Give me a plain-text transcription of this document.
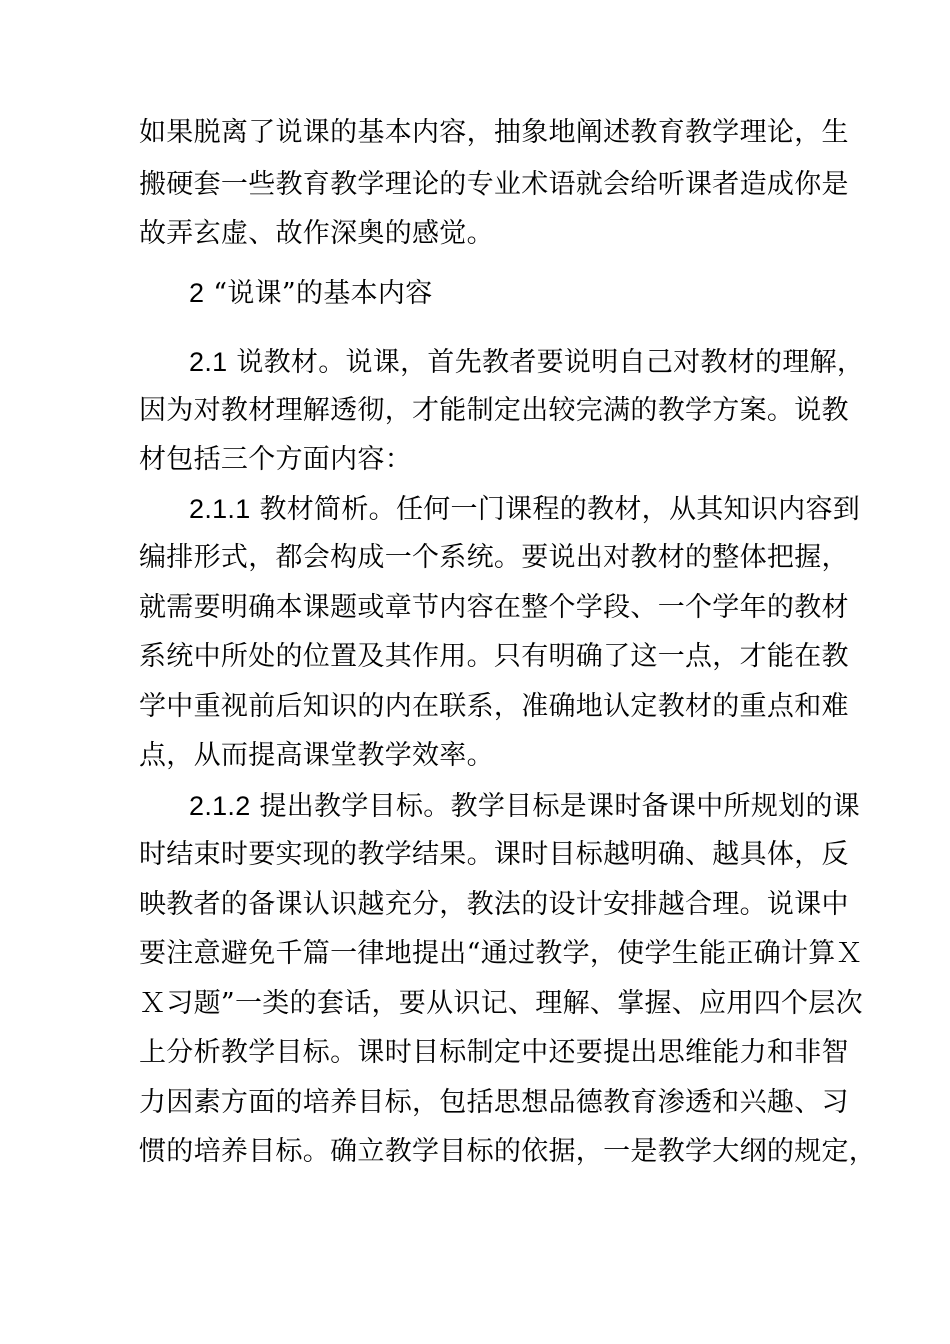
如果脱离了说课的基本内容，抽象地阐述教育教学理论，生
搬硬套一些教育教学理论的专业术语就会给听课者造成你是
故弄玄虚、故作深奥的感觉。
2 “说课”的基本内容
2.1 说教材。说课，首先教者要说明自己对教材的理解，
因为对教材理解透彻，才能制定出较完满的教学方案。说教
材包括三个方面内容：
2.1.1 教材简析。任何一门课程的教材，从其知识内容到
编排形式，都会构成一个系统。要说出对教材的整体把握，
就需要明确本课题或章节内容在整个学段、一个学年的教材
系统中所处的位置及其作用。只有明确了这一点，才能在教
学中重视前后知识的内在联系，准确地认定教材的重点和难
点，从而提高课堂教学效率。
2.1.2 提出教学目标。教学目标是课时备课中所规划的课
时结束时要实现的教学结果。课时目标越明确、越具体，反
映教者的备课认识越充分，教法的设计安排越合理。说课中
要注意避免千篇一律地提出“通过教学，使学生能正确计算Ｘ
Ｘ习题”一类的套话，要从识记、理解、掌握、应用四个层次
上分析教学目标。课时目标制定中还要提出思维能力和非智
力因素方面的培养目标，包括思想品德教育渗透和兴趣、习
惯的培养目标。确立教学目标的依据，一是教学大纲的规定，
